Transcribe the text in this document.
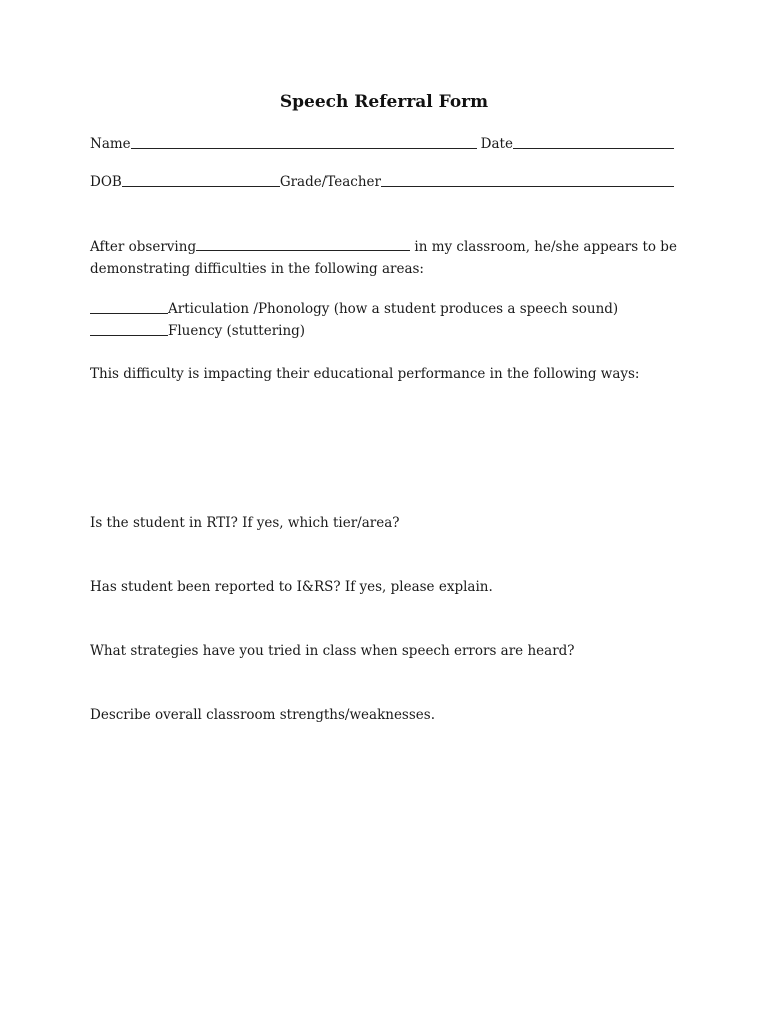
Speech Referral Form
Name	Date
DOB	Grade/Teacher
After observing	in my classroom, he/she appears to be
demonstrating difficulties in the following areas:
Articulation /Phonology (how a student produces a speech sound)
Fluency (stuttering)
This difficulty is impacting their educational performance in the following ways:
Is the student in RTI? If yes, which tier/area?
Has student been reported to I&RS? If yes, please explain.
What strategies have you tried in class when speech errors are heard?
Describe overall classroom strengths/weaknesses.
